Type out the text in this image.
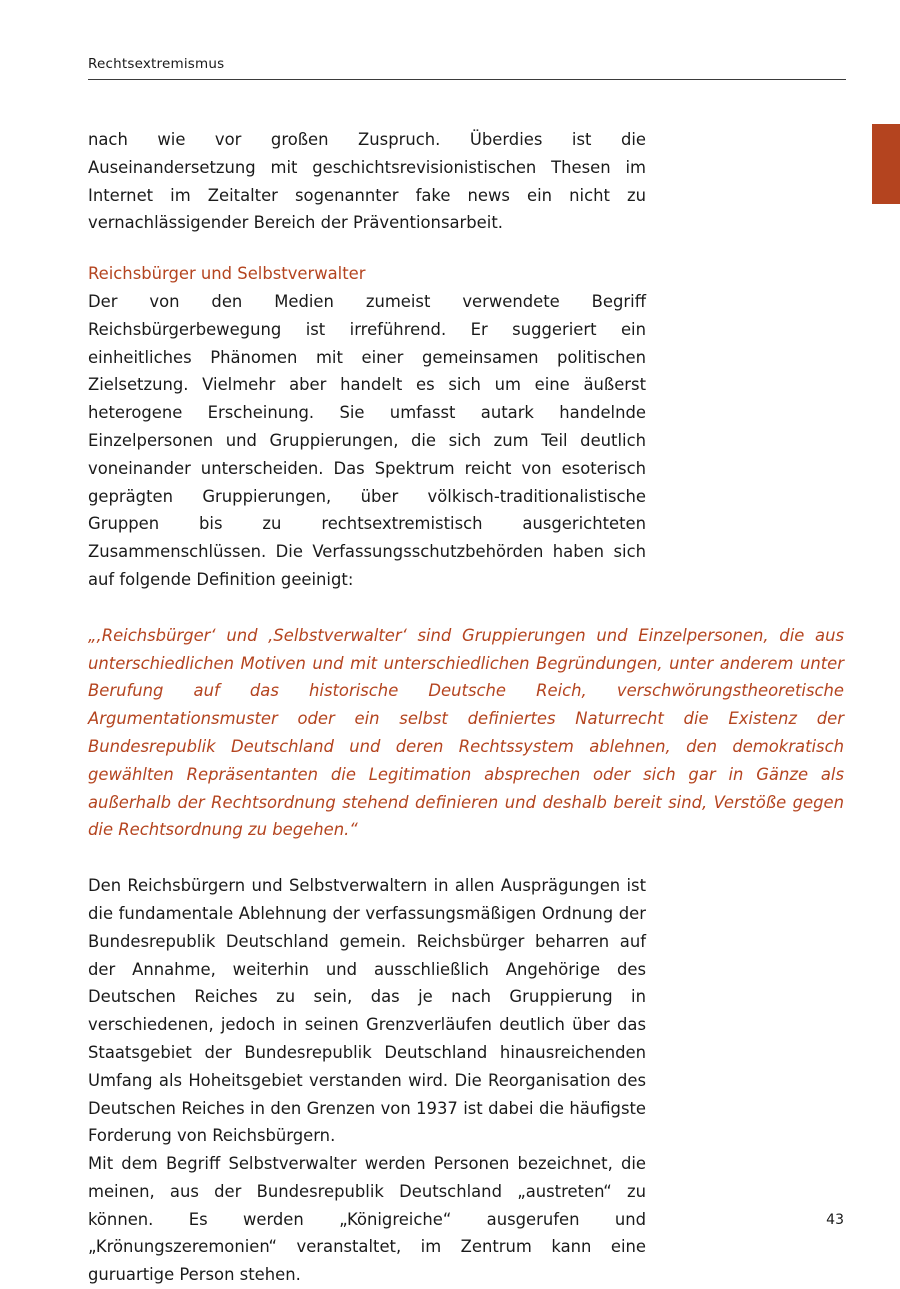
Rechtsextremismus

nach wie vor großen Zuspruch. Überdies ist die Auseinandersetzung mit geschichtsrevisionistischen Thesen im Internet im Zeitalter sogenannter fake news ein nicht zu vernachlässigender Bereich der Präventionsarbeit.

Reichsbürger und Selbstverwalter

Der von den Medien zumeist verwendete Begriff Reichsbürgerbewegung ist irreführend. Er suggeriert ein einheitliches Phänomen mit einer gemeinsamen politischen Zielsetzung. Vielmehr aber handelt es sich um eine äußerst heterogene Erscheinung. Sie umfasst autark handelnde Einzelpersonen und Gruppierungen, die sich zum Teil deutlich voneinander unterscheiden. Das Spektrum reicht von esoterisch geprägten Gruppierungen, über völkisch-traditionalistische Gruppen bis zu rechtsextremistisch ausgerichteten Zusammenschlüssen. Die Verfassungsschutzbehörden haben sich auf folgende Definition geeinigt:

„‚Reichsbürger‘ und ‚Selbstverwalter‘ sind Gruppierungen und Einzelpersonen, die aus unterschiedlichen Motiven und mit unterschiedlichen Begründungen, unter anderem unter Berufung auf das historische Deutsche Reich, verschwörungstheoretische Argumentationsmuster oder ein selbst definiertes Naturrecht die Existenz der Bundesrepublik Deutschland und deren Rechtssystem ablehnen, den demokratisch gewählten Repräsentanten die Legitimation absprechen oder sich gar in Gänze als außerhalb der Rechtsordnung stehend definieren und deshalb bereit sind, Verstöße gegen die Rechtsordnung zu begehen.“

Den Reichsbürgern und Selbstverwaltern in allen Ausprägungen ist die fundamentale Ablehnung der verfassungsmäßigen Ordnung der Bundesrepublik Deutschland gemein. Reichsbürger beharren auf der Annahme, weiterhin und ausschließlich Angehörige des Deutschen Reiches zu sein, das je nach Gruppierung in verschiedenen, jedoch in seinen Grenzverläufen deutlich über das Staatsgebiet der Bundesrepublik Deutschland hinausreichenden Umfang als Hoheitsgebiet verstanden wird. Die Reorganisation des Deutschen Reiches in den Grenzen von 1937 ist dabei die häufigste Forderung von Reichsbürgern.

Mit dem Begriff Selbstverwalter werden Personen bezeichnet, die meinen, aus der Bundesrepublik Deutschland „austreten“ zu können. Es werden „Königreiche“ ausgerufen und „Krönungszeremonien“ veranstaltet, im Zentrum kann eine guruartige Person stehen.

43
